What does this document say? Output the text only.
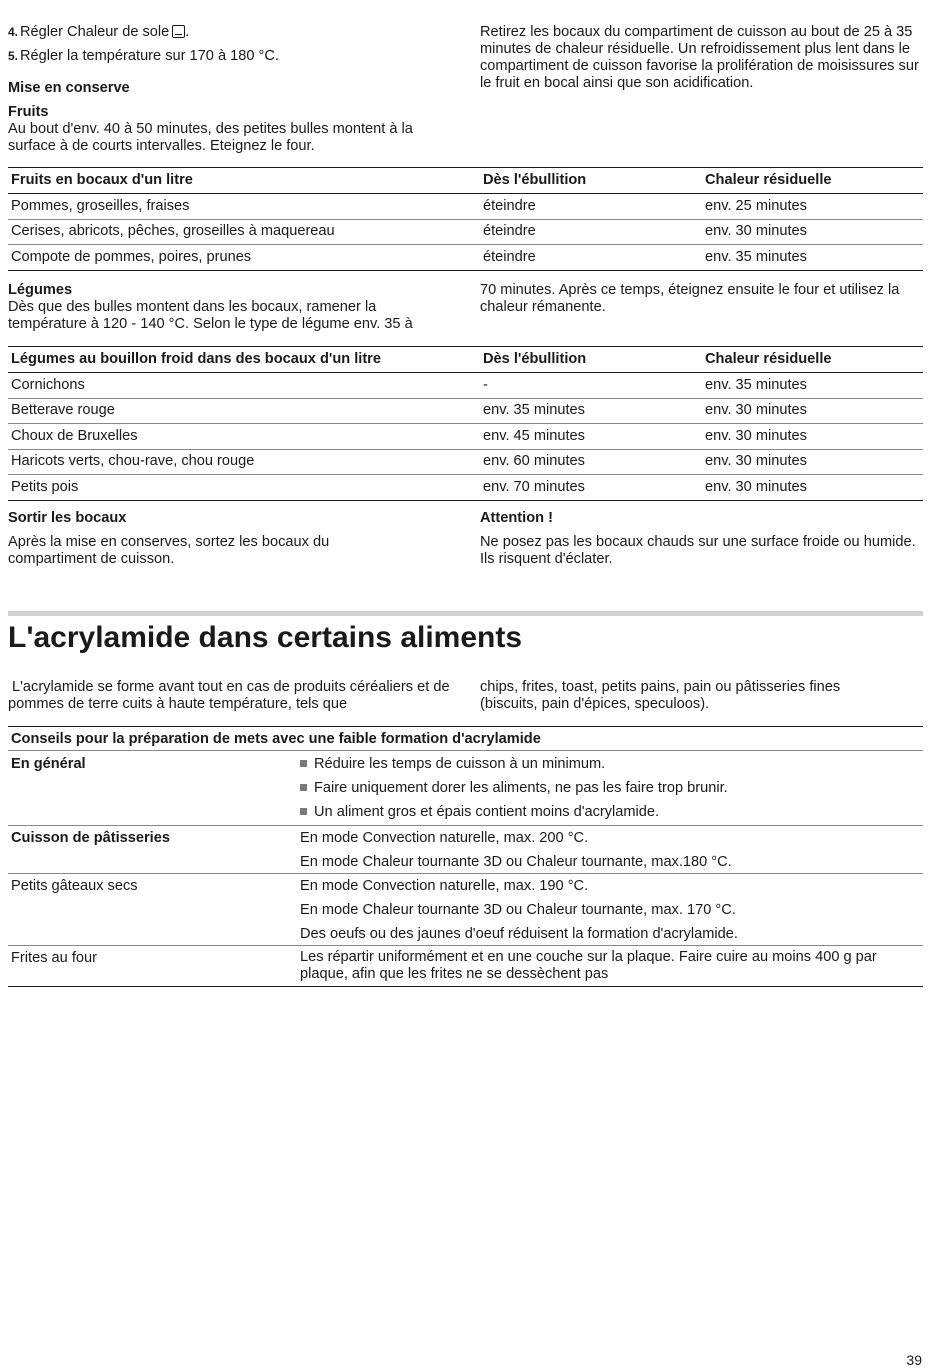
4. Régler Chaleur de sole .
5. Régler la température sur 170 à 180 °C.
Mise en conserve
Fruits

Au bout d'env. 40 à 50 minutes, des petites bulles montent à la surface à de courts intervalles. Eteignez le four.

Retirez les bocaux du compartiment de cuisson au bout de 25 à 35 minutes de chaleur résiduelle. Un refroidissement plus lent dans le compartiment de cuisson favorise la prolifération de moisissures sur le fruit en bocal ainsi que son acidification.

Fruits en bocaux d'un litre	Dès l'ébullition	Chaleur résiduelle
Pommes, groseilles, fraises	éteindre	env. 25 minutes
Cerises, abricots, pêches, groseilles à maquereau	éteindre	env. 30 minutes
Compote de pommes, poires, prunes	éteindre	env. 35 minutes
Légumes

Dès que des bulles montent dans les bocaux, ramener la température à 120 - 140 °C. Selon le type de légume env. 35 à

70 minutes. Après ce temps, éteignez ensuite le four et utilisez la chaleur rémanente.

Légumes au bouillon froid dans des bocaux d'un litre	Dès l'ébullition	Chaleur résiduelle
Cornichons	-	env. 35 minutes
Betterave rouge	env. 35 minutes	env. 30 minutes
Choux de Bruxelles	env. 45 minutes	env. 30 minutes
Haricots verts, chou-rave, chou rouge	env. 60 minutes	env. 30 minutes
Petits pois	env. 70 minutes	env. 30 minutes
Sortir les bocaux

Après la mise en conserves, sortez les bocaux du compartiment de cuisson.

Attention !

Ne posez pas les bocaux chauds sur une surface froide ou humide. Ils risquent d'éclater.

L'acrylamide dans certains aliments

L'acrylamide se forme avant tout en cas de produits céréaliers et de pommes de terre cuits à haute température, tels que

chips, frites, toast, petits pains, pain ou pâtisseries fines (biscuits, pain d'épices, speculoos).

Conseils pour la préparation de mets avec une faible formation d'acrylamide
En général	Réduire les temps de cuisson à un minimum.
Faire uniquement dorer les aliments, ne pas les faire trop brunir.
Un aliment gros et épais contient moins d'acrylamide.
Cuisson de pâtisseries	En mode Convection naturelle, max. 200 °C.
En mode Chaleur tournante 3D ou Chaleur tournante, max.180 °C.
Petits gâteaux secs	En mode Convection naturelle, max. 190 °C.
En mode Chaleur tournante 3D ou Chaleur tournante, max. 170 °C.
Des oeufs ou des jaunes d'oeuf réduisent la formation d'acrylamide.
Frites au four	Les répartir uniformément et en une couche sur la plaque. Faire cuire au moins 400 g par plaque, afin que les frites ne se dessèchent pas
39
